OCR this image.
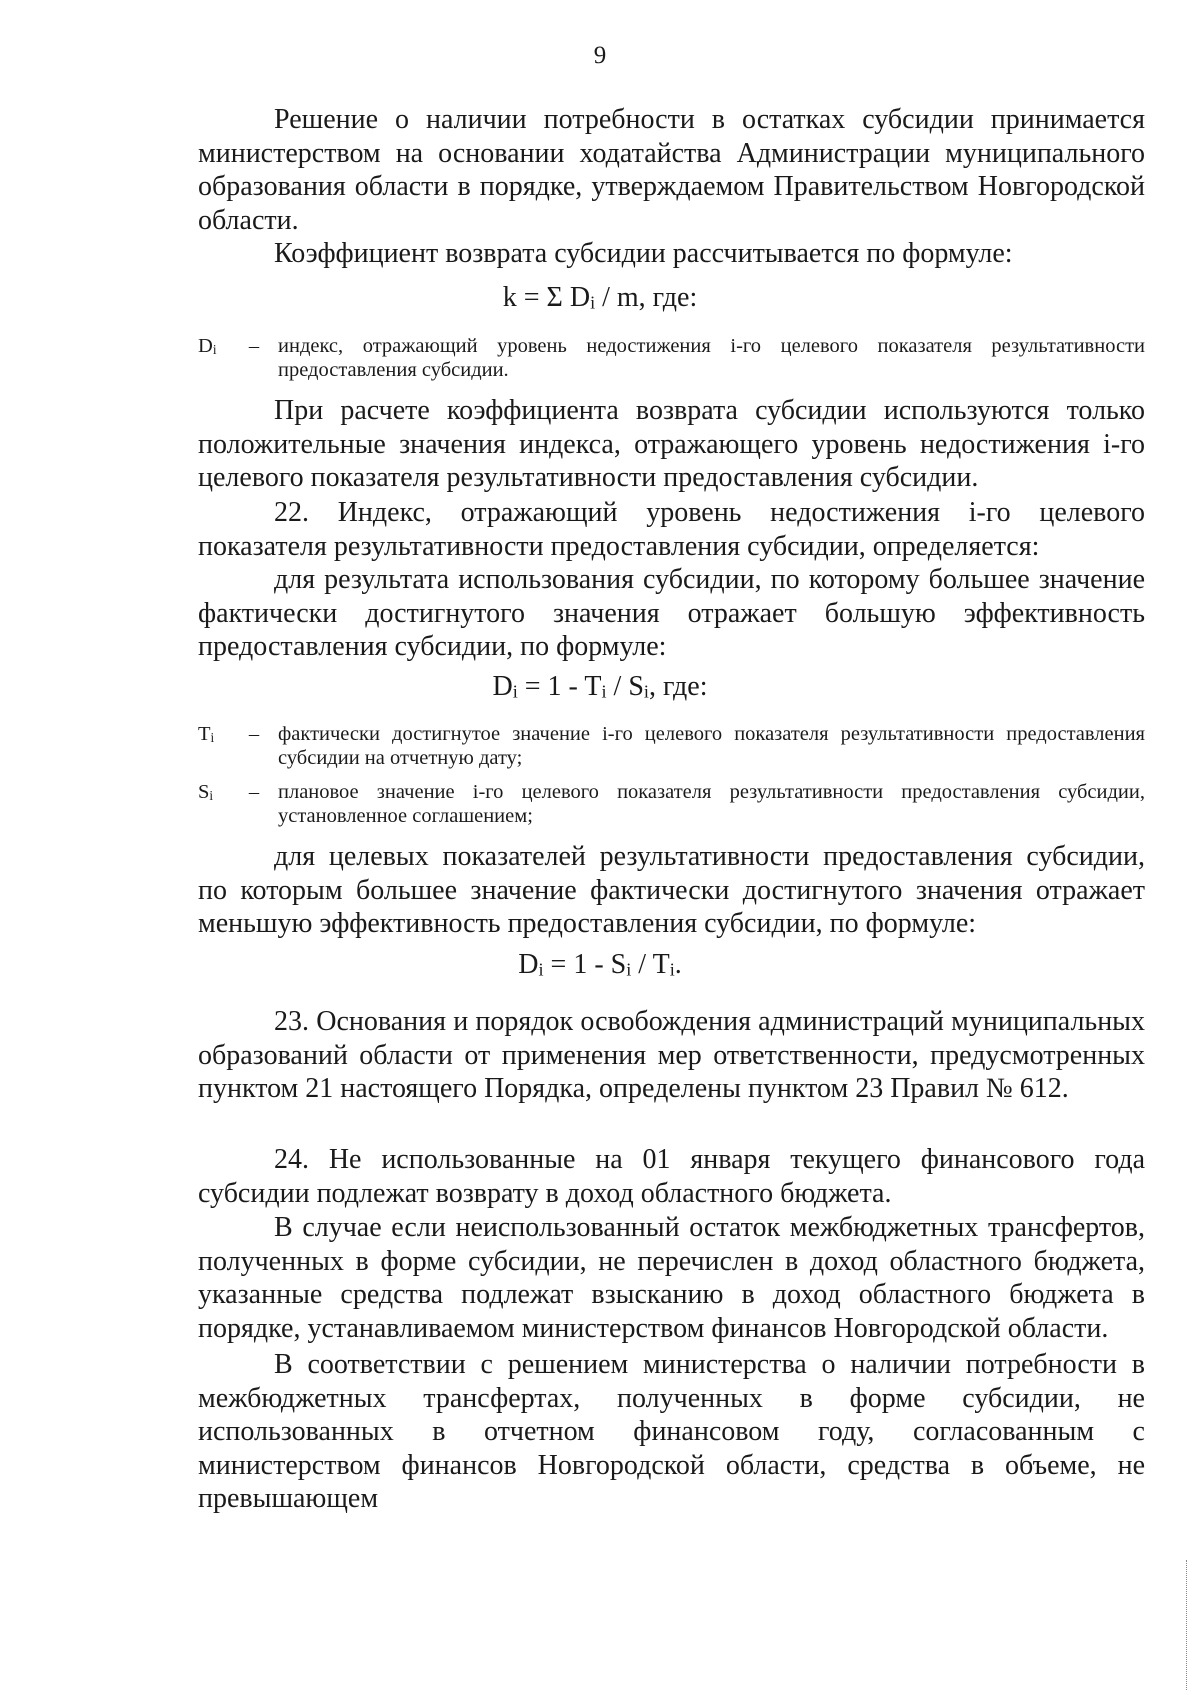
9

Решение о наличии потребности в остатках субсидии принимается министерством на основании ходатайства Администрации муниципального образования области в порядке, утверждаемом Правительством Новгородской области.

Коэффициент возврата субсидии рассчитывается по формуле:

k = Σ $D_i$ / m, где:
$D_i$	– индекс, отражающий уровень недостижения i-го целевого показателя результативности предоставления субсидии.

При расчете коэффициента возврата субсидии используются только положительные значения индекса, отражающего уровень недостижения i-го целевого показателя результативности предоставления субсидии.

22. Индекс, отражающий уровень недостижения i-го целевого показателя результативности предоставления субсидии, определяется:

для результата использования субсидии, по которому большее значение фактически достигнутого значения отражает большую эффективность предоставления субсидии, по формуле:

$D_i = 1 - T_i / S_i$, где:
$T_i$	– фактически достигнутое значение i-го целевого показателя результативности предоставления субсидии на отчетную дату;
$S_i$	– плановое значение i-го целевого показателя результативности предоставления субсидии, установленное соглашением;

для целевых показателей результативности предоставления субсидии, по которым большее значение фактически достигнутого значения отражает меньшую эффективность предоставления субсидии, по формуле:

$D_i = 1 - S_i / T_i$.

23. Основания и порядок освобождения администраций муниципальных образований области от применения мер ответственности, предусмотренных пунктом 21 настоящего Порядка, определены пунктом 23 Правил № 612.

24. Не использованные на 01 января текущего финансового года субсидии подлежат возврату в доход областного бюджета.

В случае если неиспользованный остаток межбюджетных трансфертов, полученных в форме субсидии, не перечислен в доход областного бюджета, указанные средства подлежат взысканию в доход областного бюджета в порядке, устанавливаемом министерством финансов Новгородской области.

В соответствии с решением министерства о наличии потребности в межбюджетных трансфертах, полученных в форме субсидии, не использованных в отчетном финансовом году, согласованным с министерством финансов Новгородской области, средства в объеме, не превышающем
